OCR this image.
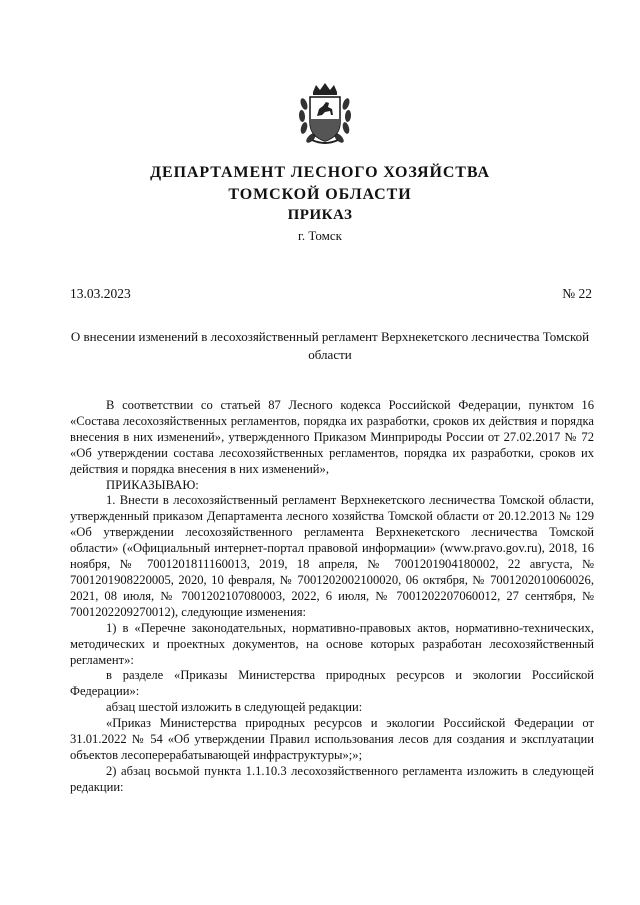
ДЕПАРТАМЕНТ ЛЕСНОГО ХОЗЯЙСТВА
ТОМСКОЙ ОБЛАСТИ
ПРИКАЗ
г. Томск
13.03.2023	№ 22
О внесении изменений в лесохозяйственный регламент Верхнекетского лесничества Томской области

В соответствии со статьей 87 Лесного кодекса Российской Федерации, пунктом 16 «Состава лесохозяйственных регламентов, порядка их разработки, сроков их действия и порядка внесения в них изменений», утвержденного Приказом Минприроды России от 27.02.2017 № 72 «Об утверждении состава лесохозяйственных регламентов, порядка их разработки, сроков их действия и порядка внесения в них изменений»,

ПРИКАЗЫВАЮ:

1. Внести в лесохозяйственный регламент Верхнекетского лесничества Томской области, утвержденный приказом Департамента лесного хозяйства Томской области от 20.12.2013 № 129 «Об утверждении лесохозяйственного регламента Верхнекетского лесничества Томской области» («Официальный интернет-портал правовой информации» (www.pravo.gov.ru), 2018, 16 ноября, № 7001201811160013, 2019, 18 апреля, № 7001201904180002, 22 августа, № 7001201908220005, 2020, 10 февраля, № 7001202002100020, 06 октября, № 7001202010060026, 2021, 08 июля, № 7001202107080003, 2022, 6 июля, № 7001202207060012, 27 сентября, № 7001202209270012), следующие изменения:

1) в «Перечне законодательных, нормативно-правовых актов, нормативно-технических, методических и проектных документов, на основе которых разработан лесохозяйственный регламент»:

в разделе «Приказы Министерства природных ресурсов и экологии Российской Федерации»:

абзац шестой изложить в следующей редакции:

«Приказ Министерства природных ресурсов и экологии Российской Федерации от 31.01.2022 № 54 «Об утверждении Правил использования лесов для создания и эксплуатации объектов лесоперерабатывающей инфраструктуры»;»;

2) абзац восьмой пункта 1.1.10.3 лесохозяйственного регламента изложить в следующей редакции:
